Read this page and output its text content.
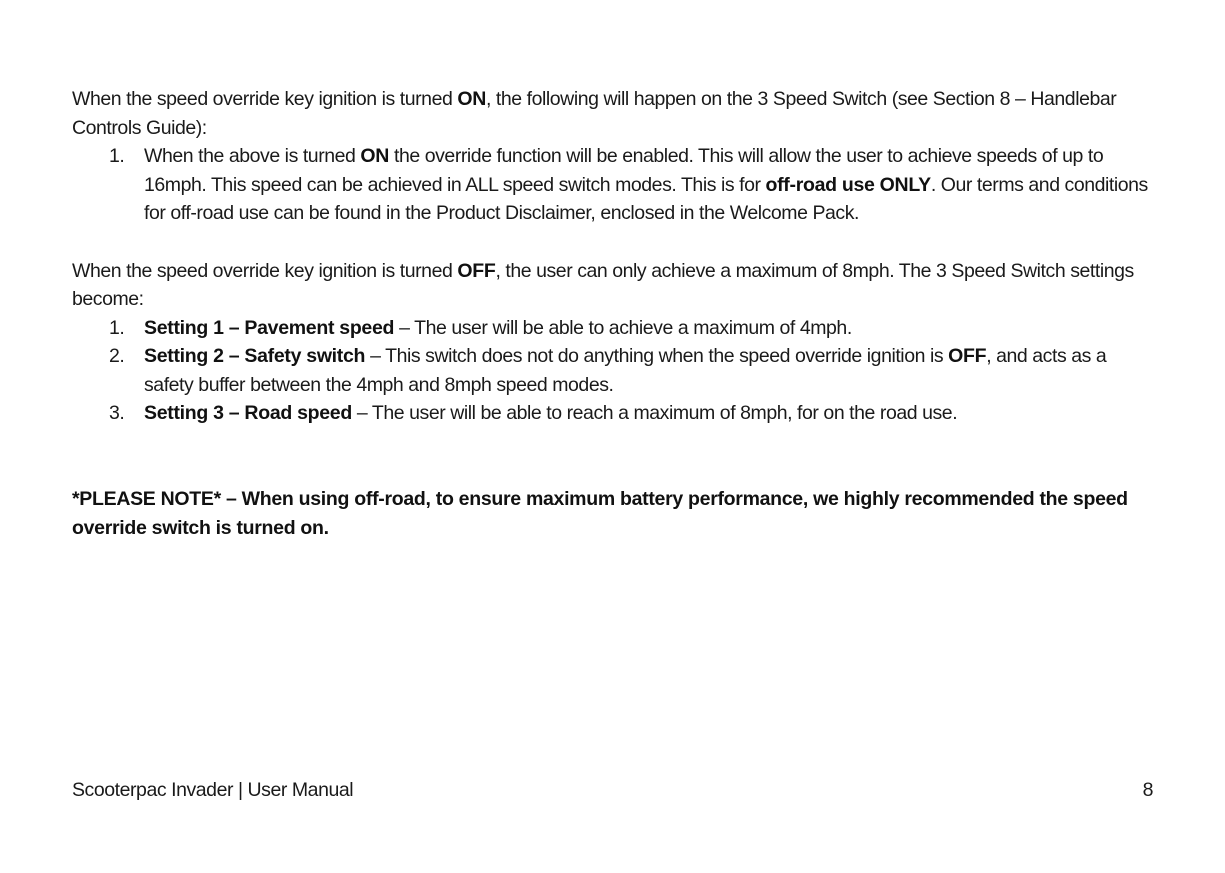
When the speed override key ignition is turned ON, the following will happen on the 3 Speed Switch (see Section 8 – Handlebar Controls Guide):

1.	When the above is turned ON the override function will be enabled. This will allow the user to achieve speeds of up to 16mph. This speed can be achieved in ALL speed switch modes. This is for off-road use ONLY. Our terms and conditions for off-road use can be found in the Product Disclaimer, enclosed in the Welcome Pack.

When the speed override key ignition is turned OFF, the user can only achieve a maximum of 8mph. The 3 Speed Switch settings become:

1.	Setting 1 – Pavement speed – The user will be able to achieve a maximum of 4mph.
2.	Setting 2 – Safety switch – This switch does not do anything when the speed override ignition is OFF, and acts as a safety buffer between the 4mph and 8mph speed modes.
3.	Setting 3 – Road speed – The user will be able to reach a maximum of 8mph, for on the road use.

*PLEASE NOTE* – When using off-road, to ensure maximum battery performance, we highly recommended the speed override switch is turned on.

Scooterpac Invader | User Manual	8
